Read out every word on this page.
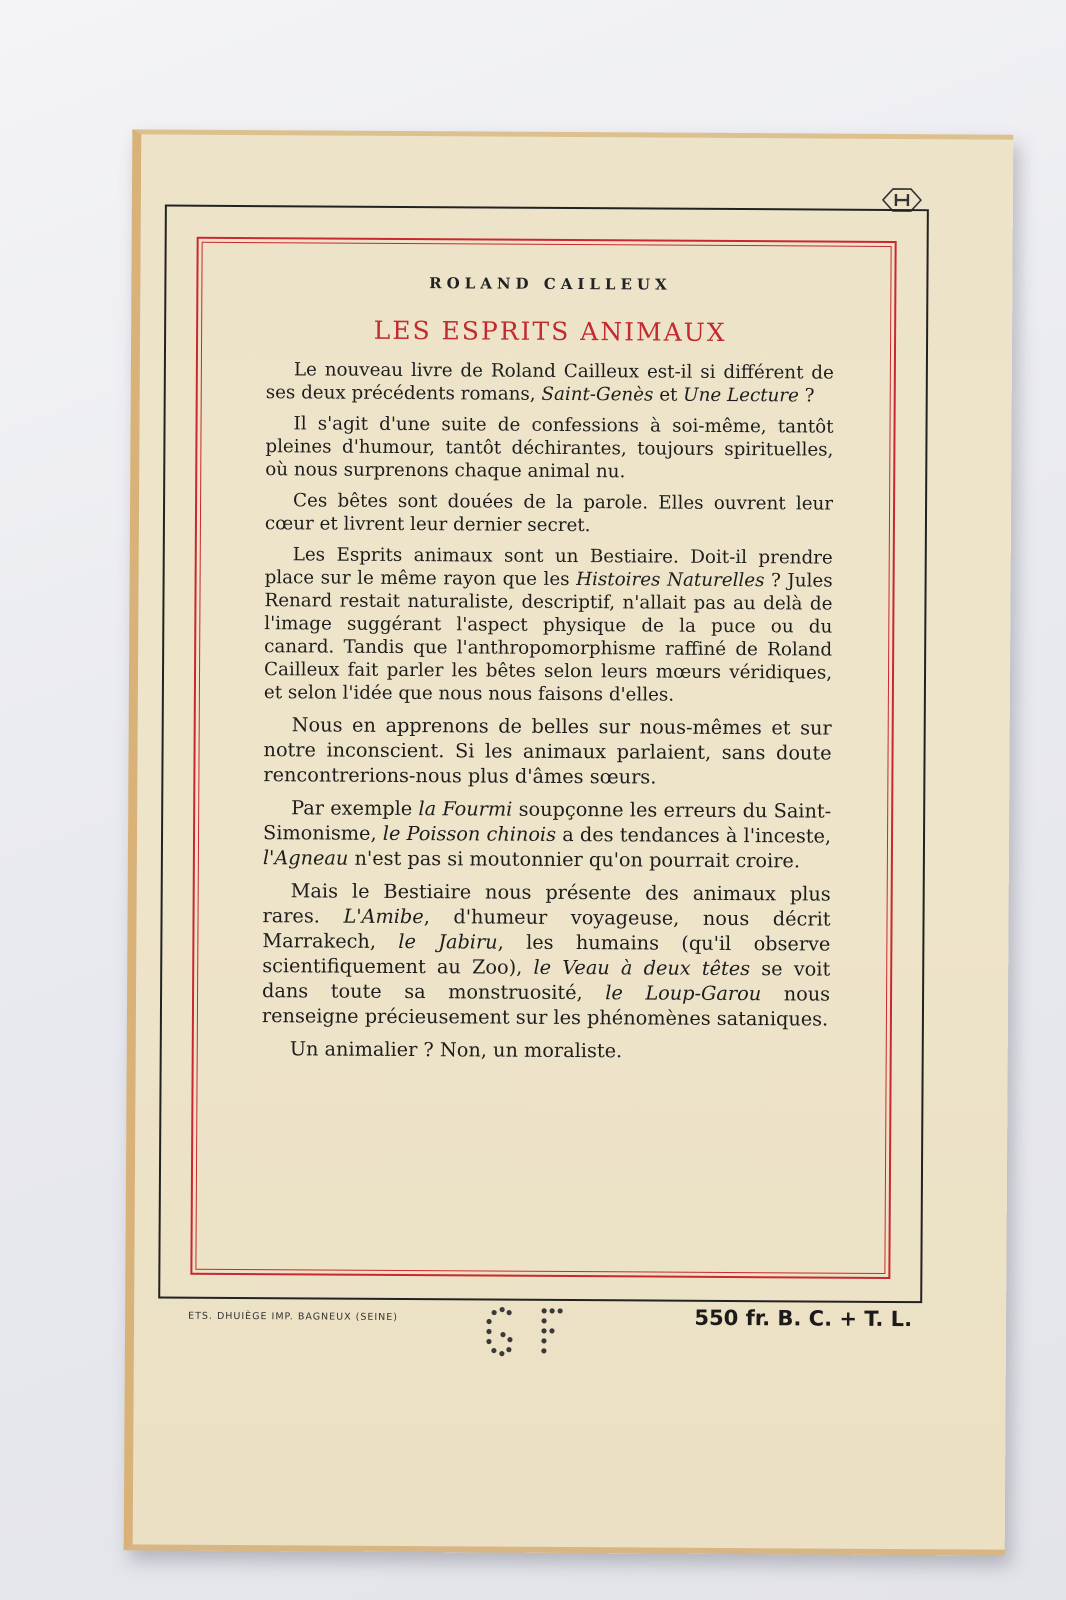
ROLAND CAILLEUX
LES ESPRITS ANIMAUX

Le nouveau livre de Roland Cailleux est-il si différent de ses deux précédents romans, Saint-Genès et Une Lecture ?

Il s'agit d'une suite de confessions à soi-même, tantôt pleines d'humour, tantôt déchirantes, toujours spirituelles, où nous surprenons chaque animal nu.

Ces bêtes sont douées de la parole. Elles ouvrent leur cœur et livrent leur dernier secret.

Les Esprits animaux sont un Bestiaire. Doit-il prendre place sur le même rayon que les Histoires Naturelles ? Jules Renard restait naturaliste, descriptif, n'allait pas au delà de l'image suggérant l'aspect physique de la puce ou du canard. Tandis que l'anthropomorphisme raffiné de Roland Cailleux fait parler les bêtes selon leurs mœurs véridiques, et selon l'idée que nous nous faisons d'elles.

Nous en apprenons de belles sur nous-mêmes et sur notre inconscient. Si les animaux parlaient, sans doute rencontrerions-nous plus d'âmes sœurs.

Par exemple la Fourmi soupçonne les erreurs du Saint-Simonisme, le Poisson chinois a des tendances à l'inceste, l'Agneau n'est pas si moutonnier qu'on pourrait croire.

Mais le Bestiaire nous présente des animaux plus rares. L'Amibe, d'humeur voyageuse, nous décrit Marrakech, le Jabiru, les humains (qu'il observe scientifiquement au Zoo), le Veau à deux têtes se voit dans toute sa monstruosité, le Loup-Garou nous renseigne précieusement sur les phénomènes sataniques.

Un animalier ? Non, un moraliste.

ETS. DHUIÈGE IMP. BAGNEUX (SEINE)	550 fr. B. C. + T. L.
